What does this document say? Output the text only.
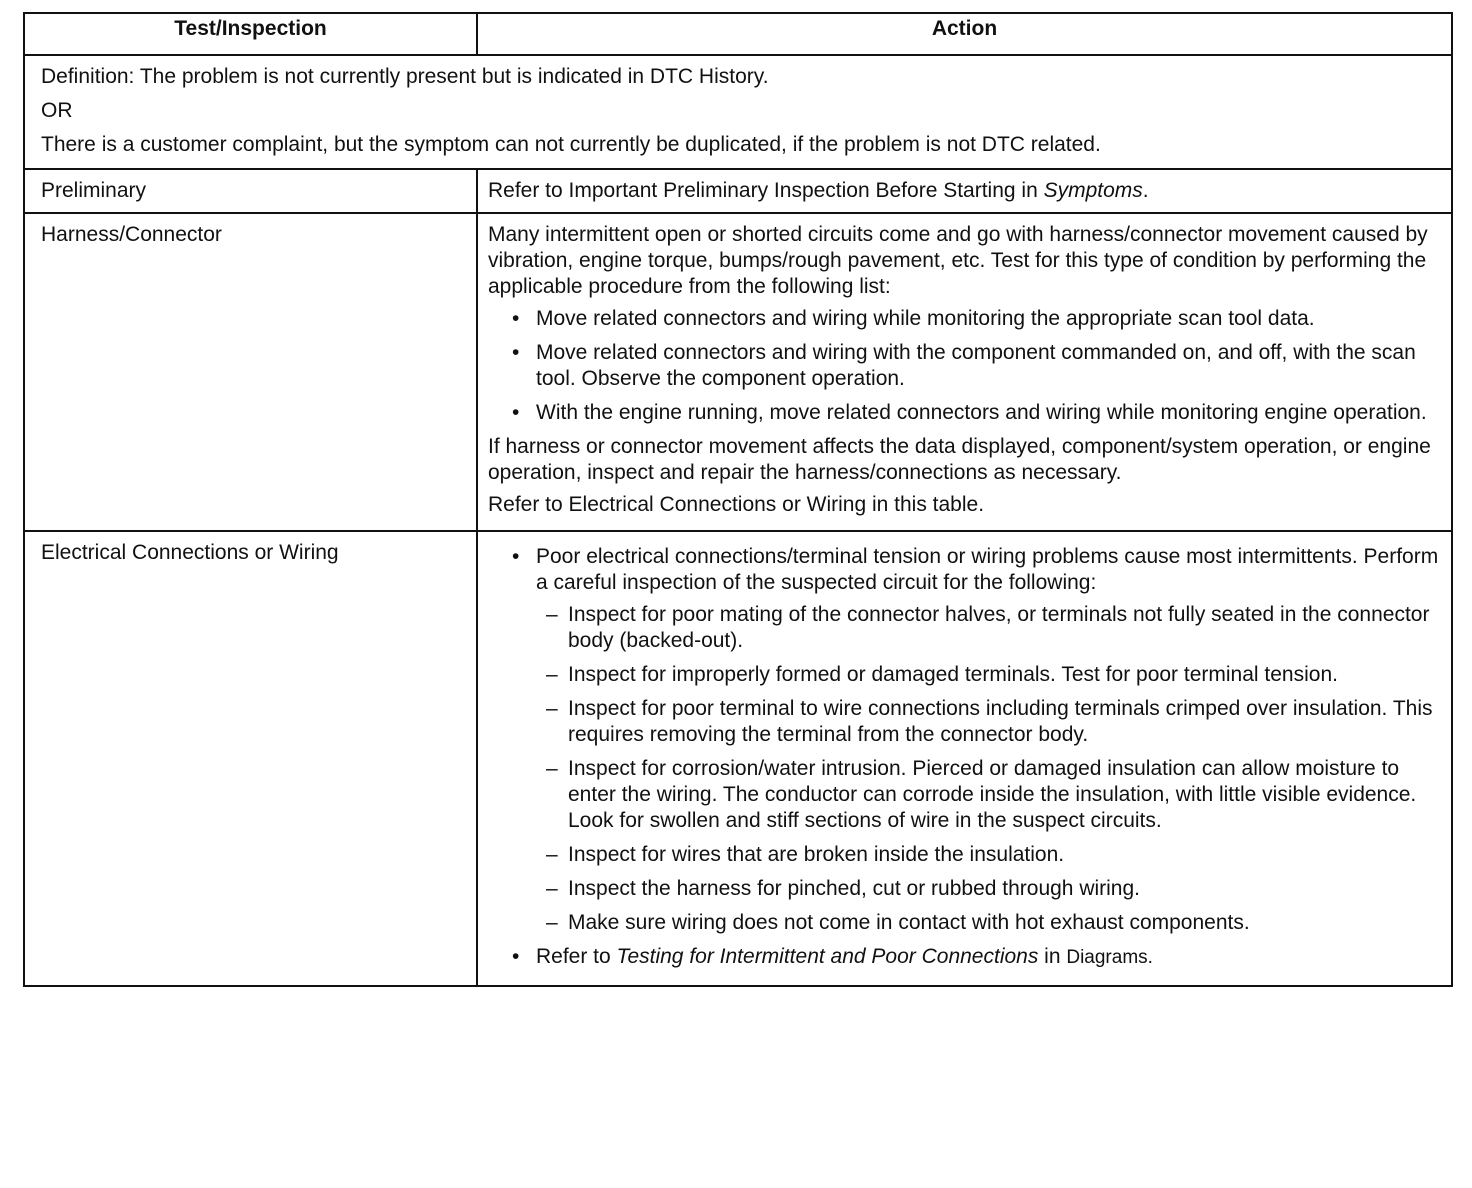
Test/Inspection	Action

Definition: The problem is not currently present but is indicated in DTC History.

OR

There is a customer complaint, but the symptom can not currently be duplicated, if the problem is not DTC related.	

Preliminary	Refer to Important Preliminary Inspection Before Starting in Symptoms.
Harness/Connector	Many intermittent open or shorted circuits come and go with harness/connector movement caused by vibration, engine torque, bumps/rough pavement, etc. Test for this type of condition by performing the applicable procedure from the following list:

• Move related connectors and wiring while monitoring the appropriate scan tool data.
• Move related connectors and wiring with the component commanded on, and off, with the scan tool. Observe the component operation.
• With the engine running, move related connectors and wiring while monitoring engine operation.

If harness or connector movement affects the data displayed, component/system operation, or engine operation, inspect and repair the harness/connections as necessary.

Refer to Electrical Connections or Wiring in this table.

Electrical Connections or Wiring	
•Poor electrical connections/terminal tension or wiring problems cause most intermittents. Perform a careful inspection of the suspected circuit for the following:
– Inspect for poor mating of the connector halves, or terminals not fully seated in the connector body (backed-out).
– Inspect for improperly formed or damaged terminals. Test for poor terminal tension.
– Inspect for poor terminal to wire connections including terminals crimped over insulation. This requires removing the terminal from the connector body.
– Inspect for corrosion/water intrusion. Pierced or damaged insulation can allow moisture to enter the wiring. The conductor can corrode inside the insulation, with little visible evidence. Look for swollen and stiff sections of wire in the suspect circuits.
– Inspect for wires that are broken inside the insulation.
– Inspect the harness for pinched, cut or rubbed through wiring.
– Make sure wiring does not come in contact with hot exhaust components.
• Refer to Testing for Intermittent and Poor Connections in Diagrams.
